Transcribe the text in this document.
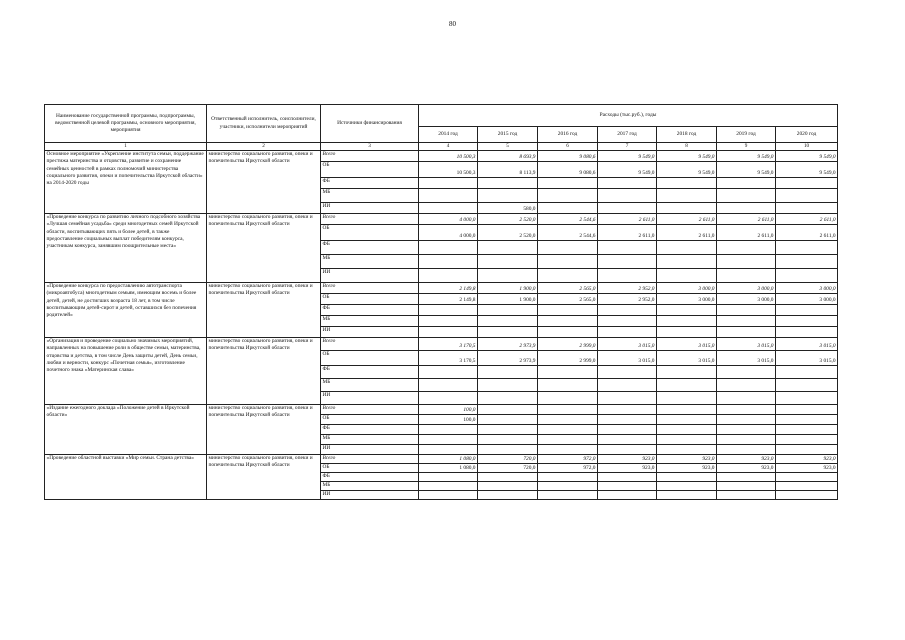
80
Наименование государственной программы, подпрограммы, ведомственной целевой программы, основного мероприятия, мероприятия	Ответственный исполнитель, соисполнители, участники, исполнители мероприятий	Источники финансирования	Расходы (тыс.руб.), годы						
			2014 год	2015 год	2016 год	2017 год	2018 год	2019 год	2020 год
1	2	3	4	5	6	7	8	9	10
Основное мероприятие «Укрепление института семьи, поддержание престижа материнства и отцовства, развитие и сохранение семейных ценностей в рамках полномочий министерства социального развития, опеки и попечительства Иркутской области» на 2014-2020 годы	министерство социального развития, опеки и попечительства Иркутской области	Всего	10 500,3	8 693,9	9 080,6	9 549,0	9 549,0	9 549,0	9 549,0
		ОБ	10 500,3	8 113,9	9 080,6	9 549,0	9 549,0	9 549,0	9 549,0
		ФБ							
		МБ							
		ИИ		580,0					
«Проведение конкурса по развитию личного подсобного хозяйства «Лучшая семейная усадьба» среди многодетных семей Иркутской области, воспитывающих пять и более детей, в также предоставление социальных выплат победителям конкурса, участникам конкурса, занявшим поощрительные места»	министерство социального развития, опеки и попечительства Иркутской области	Всего	4 000,0	2 520,0	2 544,6	2 611,0	2 611,0	2 611,0	2 611,0
		ОБ	4 000,0	2 520,0	2 544,6	2 611,0	2 611,0	2 611,0	2 611,0
		ФБ							
		МБ							
		ИИ							
«Проведение конкурса по предоставлению автотранспорта (микроавтобуса) многодетным семьям, имеющим восемь и более детей, детей, не достигших возраста 18 лет, в том числе воспитывающим детей-сирот и детей, оставшихся без попечения родителей»	министерство социального развития, опеки и попечительства Иркутской области	Всего	2 149,8	1 900,0	2 565,0	2 952,0	3 000,0	3 000,0	3 000,0
		ОБ	2 149,8	1 900,0	2 565,0	2 952,0	3 000,0	3 000,0	3 000,0
		ФБ							
		МБ							
		ИИ							
«Организация и проведение социально значимых мероприятий, направленных на повышение роли в обществе семьи, материнства, отцовства и детства, в том числе День защиты детей, День семьи, любви и верности, конкурс «Почетная семья», изготовление почетного знака «Материнская слава»	министерство социального развития, опеки и попечительства Иркутской области	Всего	3 170,5	2 973,9	2 999,0	3 015,0	3 015,0	3 015,0	3 015,0
		ОБ	3 170,5	2 973,9	2 999,0	3 015,0	3 015,0	3 015,0	3 015,0
		ФБ							
		МБ							
		ИИ							
«Издание ежегодного доклада «Положение детей в Иркутской области»	министерство социального развития, опеки и попечительства Иркутской области	Всего	100,0						
		ОБ	100,0						
		ФБ							
		МБ							
		ИИ							
«Проведение областной выставки «Мир семьи. Страна детства»	министерство социального развития, опеки и попечительства Иркутской области	Всего	1 080,0	720,0	972,0	923,0	923,0	923,0	923,0
		ОБ	1 080,0	720,0	972,0	923,0	923,0	923,0	923,0
		ФБ							
		МБ							
		ИИ							
